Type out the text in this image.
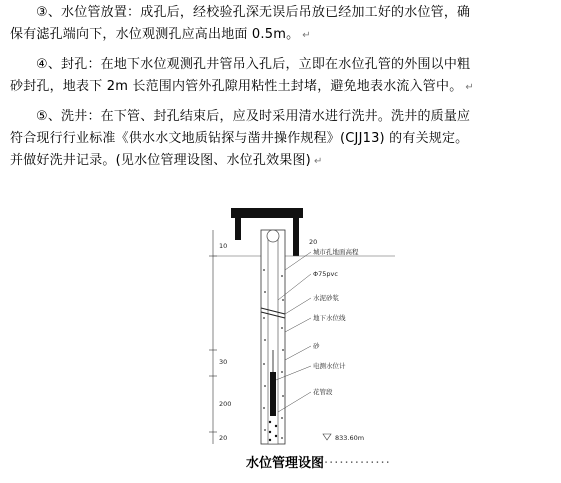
③、水位管放置：成孔后，经校验孔深无误后吊放已经加工好的水位管，确
保有滤孔端向下，水位观测孔应高出地面 0.5m。 ↵
④、封孔：在地下水位观测孔井管吊入孔后，立即在水位孔管的外围以中粗
砂封孔，地表下 2m 长范围内管外孔隙用粘性土封堵，避免地表水流入管中。 ↵
⑤、洗井：在下管、封孔结束后，应及时采用清水进行洗井。洗井的质量应
符合现行行业标准《供水水文地质钻探与凿井操作规程》(CJJ13) 的有关规定。
并做好洗井记录。(见水位管理设图、水位孔效果图) ↵
10	20
30
200
20
城市孔地面高程
Φ75pvc
水泥砂浆
地下水位线
砂
电测水位计
花管段
833.60m
水位管理设图·············
